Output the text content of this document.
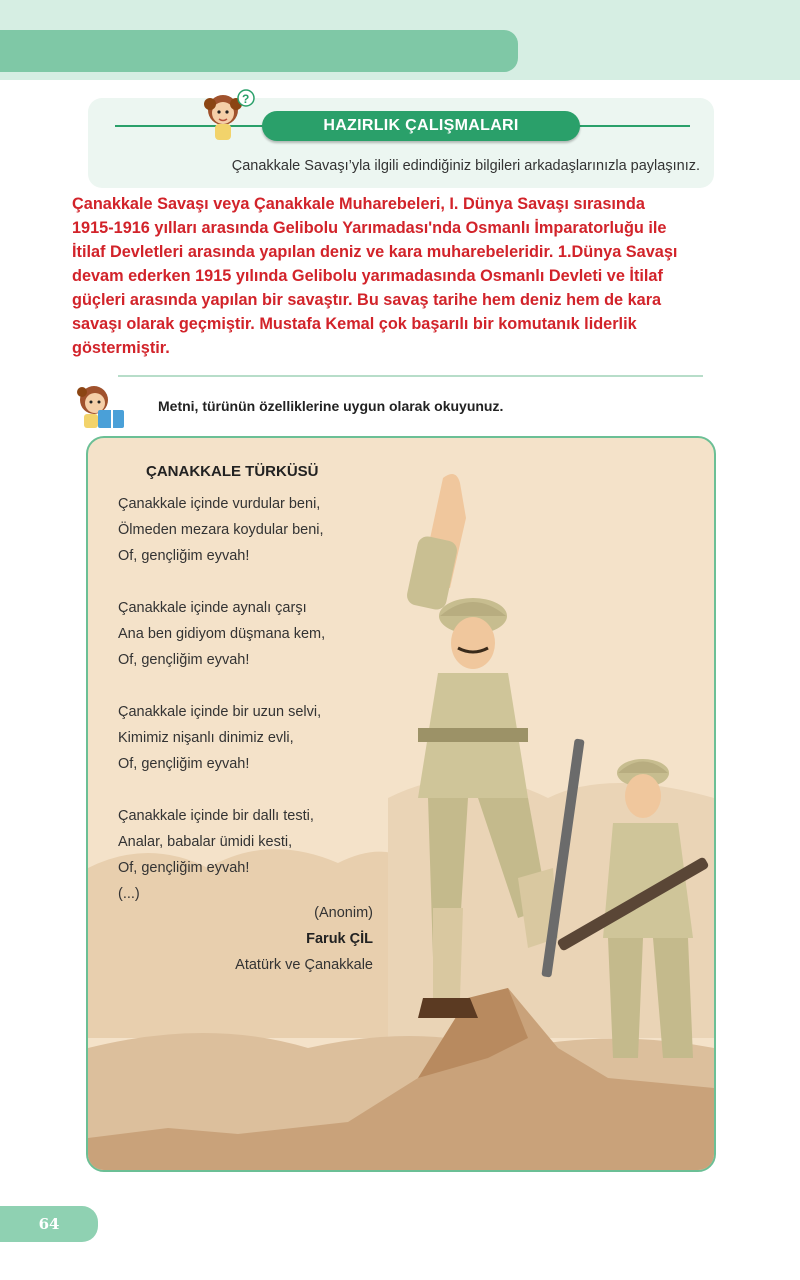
HAZIRLIK ÇALIŞMALARI
Çanakkale Savaşı’yla ilgili edindiğiniz bilgileri arkadaşlarınızla paylaşınız.
?
Çanakkale Savaşı veya Çanakkale Muharebeleri, I. Dünya Savaşı sırasında
1915-1916 yılları arasında Gelibolu Yarımadası'nda Osmanlı İmparatorluğu ile
İtilaf Devletleri arasında yapılan deniz ve kara muharebeleridir. 1.Dünya Savaşı
devam ederken 1915 yılında Gelibolu yarımadasında Osmanlı Devleti ve İtilaf
güçleri arasında yapılan bir savaştır. Bu savaş tarihe hem deniz hem de kara
savaşı olarak geçmiştir. Mustafa Kemal çok başarılı bir komutanık liderlik
göstermiştir.
Metni, türünün özelliklerine uygun olarak okuyunuz.
ÇANAKKALE TÜRKÜSÜ
Çanakkale içinde vurdular beni,
Ölmeden mezara koydular beni,
Of, gençliğim eyvah!
Çanakkale içinde aynalı çarşı
Ana ben gidiyom düşmana kem,
Of, gençliğim eyvah!
Çanakkale içinde bir uzun selvi,
Kimimiz nişanlı dinimiz evli,
Of, gençliğim eyvah!
Çanakkale içinde bir dallı testi,
Analar, babalar ümidi kesti,
Of, gençliğim eyvah!
(...)
(Anonim)
Faruk ÇİL
Atatürk ve Çanakkale
64
